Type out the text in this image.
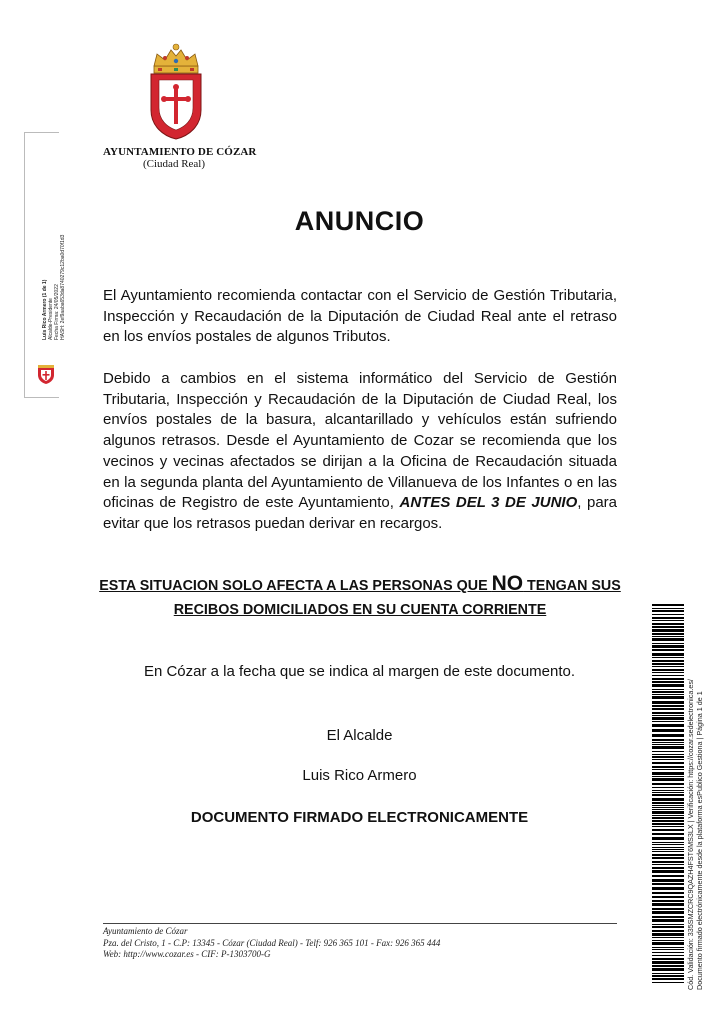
AYUNTAMIENTO DE CÓZAR
(Ciudad Real)
Luis Rico Armero (1 de 1) Alcalde-Presidente Fecha Firma: 24/05/2022 HASH: 2ef9aaba653da8740279c12ba0d70f1d3
ANUNCIO
El Ayuntamiento recomienda contactar con el Servicio de Gestión Tributaria, Inspección y Recaudación de la Diputación de Ciudad Real ante el retraso en los envíos postales de algunos Tributos.
Debido a cambios en el sistema informático del Servicio de Gestión Tributaria, Inspección y Recaudación de la Diputación de Ciudad Real, los envíos postales de la basura, alcantarillado y vehículos están sufriendo algunos retrasos. Desde el Ayuntamiento de Cozar se recomienda que los vecinos y vecinas afectados se dirijan a la Oficina de Recaudación situada en la segunda planta del Ayuntamiento de Villanueva de los Infantes o en las oficinas de Registro de este Ayuntamiento, ANTES DEL 3 DE JUNIO, para evitar que los retrasos puedan derivar en recargos.
ESTA SITUACION SOLO AFECTA A LAS PERSONAS QUE NO TENGAN SUS
RECIBOS DOMICILIADOS EN SU CUENTA CORRIENTE
En Cózar a la fecha que se indica al margen de este documento.
El Alcalde
Luis Rico Armero
DOCUMENTO FIRMADO ELECTRONICAMENTE
Ayuntamiento de Cózar
Pza. del Cristo, 1 - C.P: 13345 - Cózar (Ciudad Real) - Telf: 926 365 101 - Fax: 926 365 444
Web: http://www.cozar.es - CIF: P-1303700-G	Cód. Validación: 335SMZCRC9QAZH4FST6MS3LX | Verificación: https://cozar.sedelectronica.es/ Documento firmado electrónicamente desde la plataforma esPublico Gestiona | Página 1 de 1
